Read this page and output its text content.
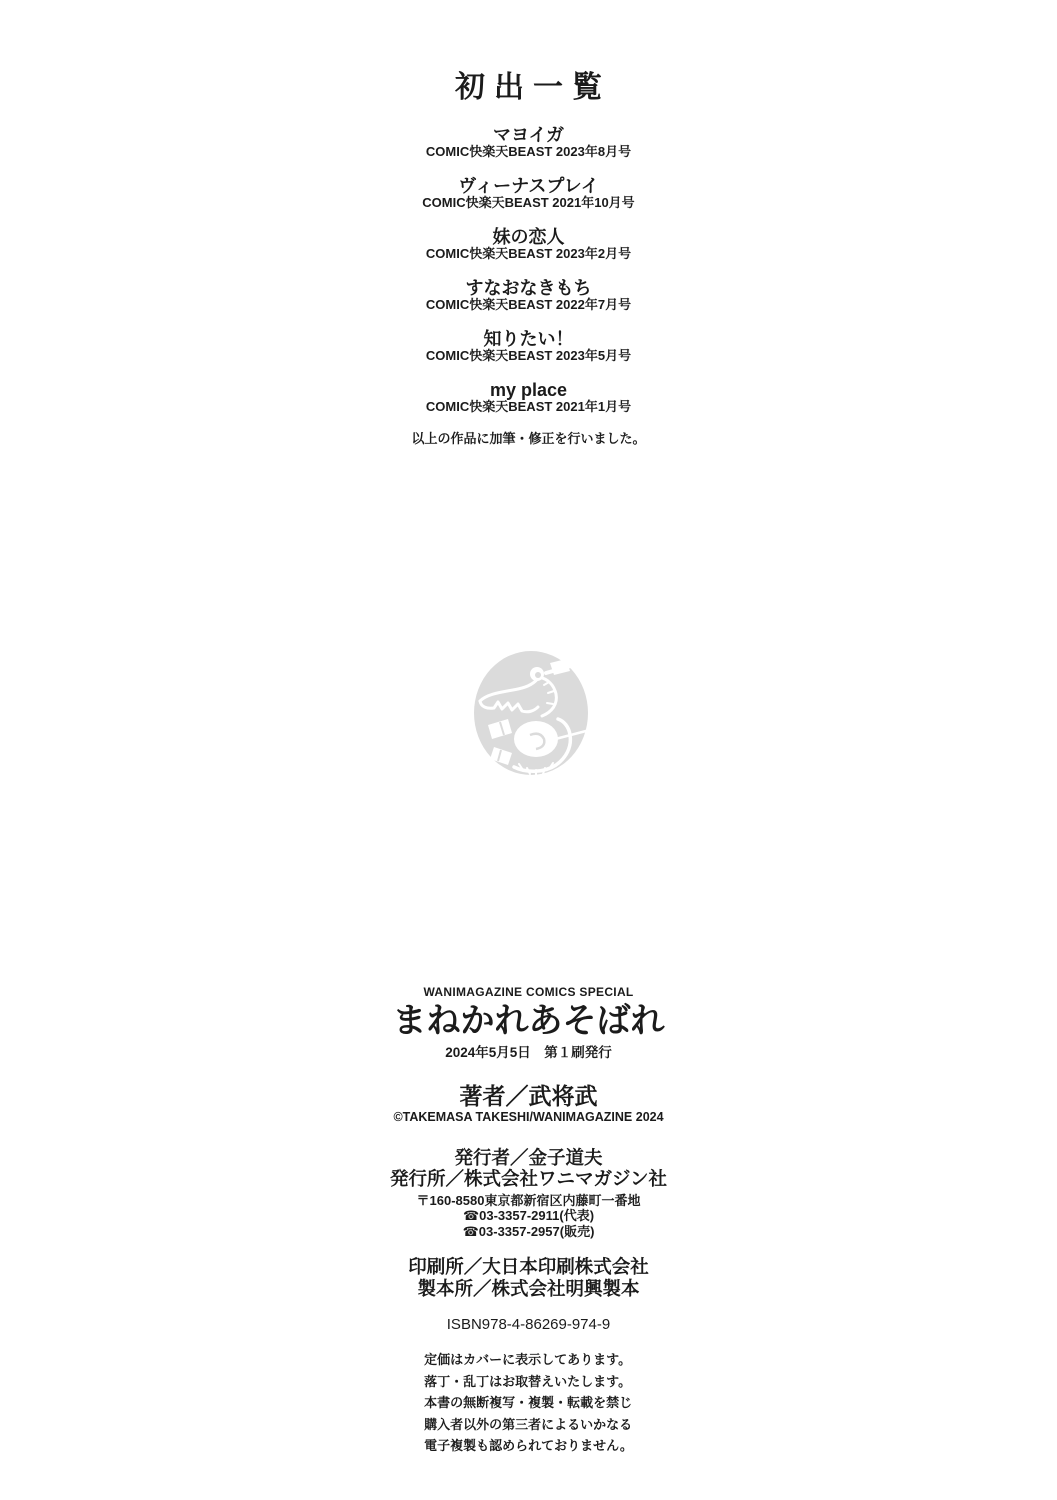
初出一覧
マヨイガ
COMIC快楽天BEAST 2023年8月号
ヴィーナスプレイ
COMIC快楽天BEAST 2021年10月号
妹の恋人
COMIC快楽天BEAST 2023年2月号
すなおなきもち
COMIC快楽天BEAST 2022年7月号
知りたい！
COMIC快楽天BEAST 2023年5月号
my place
COMIC快楽天BEAST 2021年1月号

以上の作品に加筆・修正を行いました。

WANIMAGAZINE COMICS SPECIAL
まねかれあそばれ
2024年5月5日　第１刷発行
著者／武将武
©TAKEMASA TAKESHI/WANIMAGAZINE 2024
発行者／金子道夫
発行所／株式会社ワニマガジン社
〒160-8580東京都新宿区内藤町一番地
☎03-3357-2911(代表)
☎03-3357-2957(販売)
印刷所／大日本印刷株式会社
製本所／株式会社明興製本
ISBN978-4-86269-974-9
定価はカバーに表示してあります。
落丁・乱丁はお取替えいたします。
本書の無断複写・複製・転載を禁じ
購入者以外の第三者によるいかなる
電子複製も認められておりません。
